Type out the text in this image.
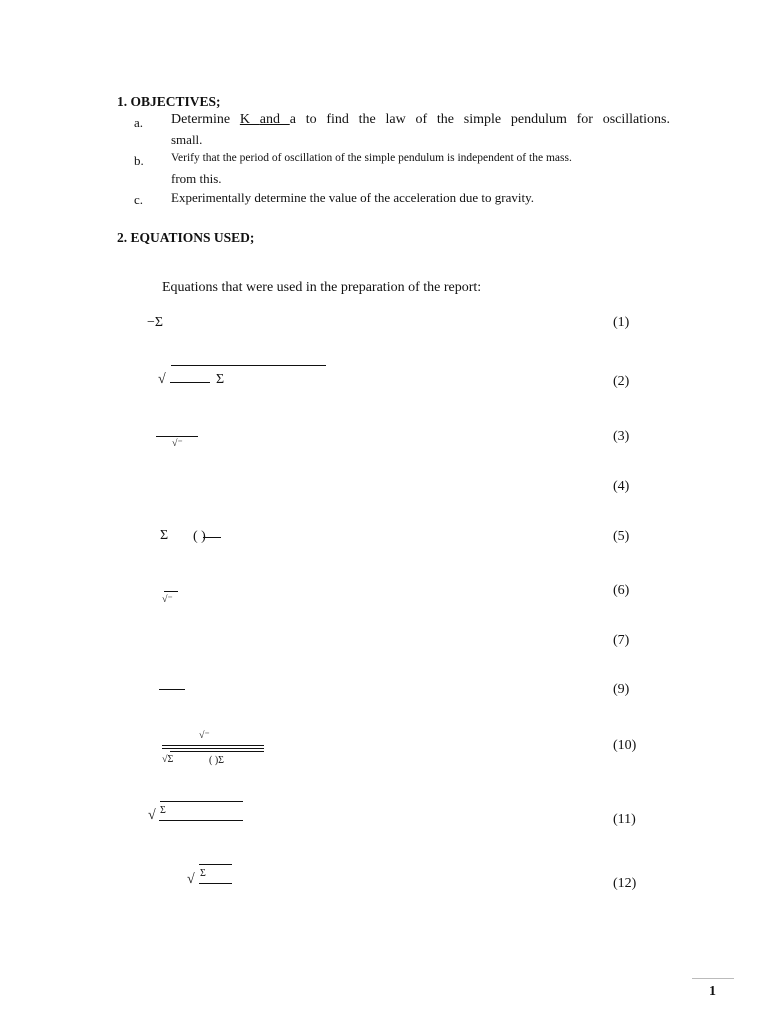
1. OBJECTIVES;
a. Determine K and a to find the law of the simple pendulum for oscillations.
small.
b. Verify that the period of oscillation of the simple pendulum is independent of the mass.
from this.
c. Experimentally determine the value of the acceleration due to gravity.
2. EQUATIONS USED;
Equations that were used in the preparation of the report:
−Σ	(1)
√	Σ	(2)
√⁻	(3)
(4)
Σ ( )	(5)
√⁻
(6)
(7)
(9)
√⁻
√Σ	( )Σ
(10)
√ Σ
(11)
√ Σ
(12)
1
